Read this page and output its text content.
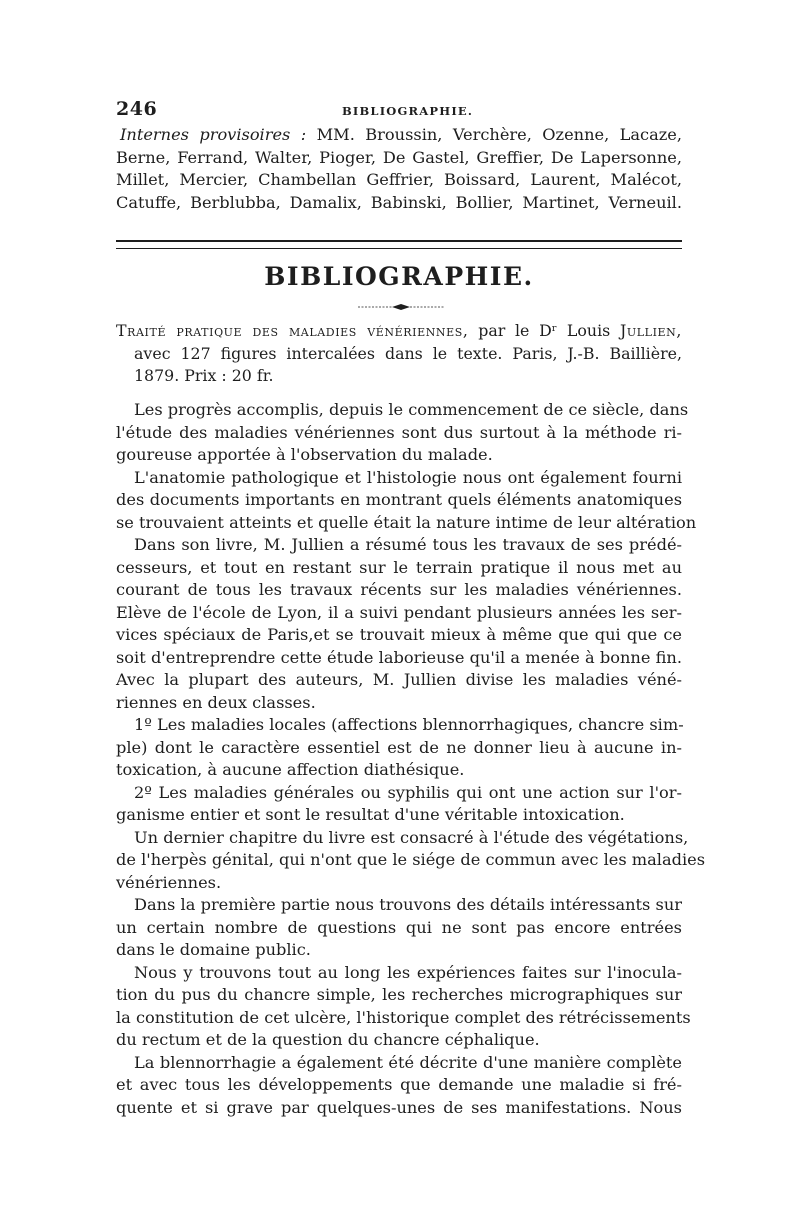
246	BIBLIOGRAPHIE.
Internes provisoires : MM. Broussin, Verchère, Ozenne, Lacaze,
Berne, Ferrand, Walter, Pioger, De Gastel, Greffier, De Lapersonne,
Millet, Mercier, Chambellan Geffrier, Boissard, Laurent, Malécot,
Catuffe, Berblubba, Damalix, Babinski, Bollier, Martinet, Verneuil.
BIBLIOGRAPHIE.
Traité pratique des maladies vénériennes, par le Dʳ Louis Jullien,
avec 127 figures intercalées dans le texte. Paris, J.-B. Baillière,
1879. Prix : 20 fr.
Les progrès accomplis, depuis le commencement de ce siècle, dans
l'étude des maladies vénériennes sont dus surtout à la méthode ri-
goureuse apportée à l'observation du malade.
L'anatomie pathologique et l'histologie nous ont également fourni
des documents importants en montrant quels éléments anatomiques
se trouvaient atteints et quelle était la nature intime de leur altération
Dans son livre, M. Jullien a résumé tous les travaux de ses prédé-
cesseurs, et tout en restant sur le terrain pratique il nous met au
courant de tous les travaux récents sur les maladies vénériennes.
Elève de l'école de Lyon, il a suivi pendant plusieurs années les ser-
vices spéciaux de Paris,et se trouvait mieux à même que qui que ce
soit d'entreprendre cette étude laborieuse qu'il a menée à bonne fin.
Avec la plupart des auteurs, M. Jullien divise les maladies véné-
riennes en deux classes.
1º Les maladies locales (affections blennorrhagiques, chancre sim-
ple) dont le caractère essentiel est de ne donner lieu à aucune in-
toxication, à aucune affection diathésique.
2º Les maladies générales ou syphilis qui ont une action sur l'or-
ganisme entier et sont le resultat d'une véritable intoxication.
Un dernier chapitre du livre est consacré à l'étude des végétations,
de l'herpès génital, qui n'ont que le siége de commun avec les maladies
vénériennes.
Dans la première partie nous trouvons des détails intéressants sur
un certain nombre de questions qui ne sont pas encore entrées
dans le domaine public.
Nous y trouvons tout au long les expériences faites sur l'inocula-
tion du pus du chancre simple, les recherches micrographiques sur
la constitution de cet ulcère, l'historique complet des rétrécissements
du rectum et de la question du chancre céphalique.
La blennorrhagie a également été décrite d'une manière complète
et avec tous les développements que demande une maladie si fré-
quente et si grave par quelques-unes de ses manifestations. Nous
